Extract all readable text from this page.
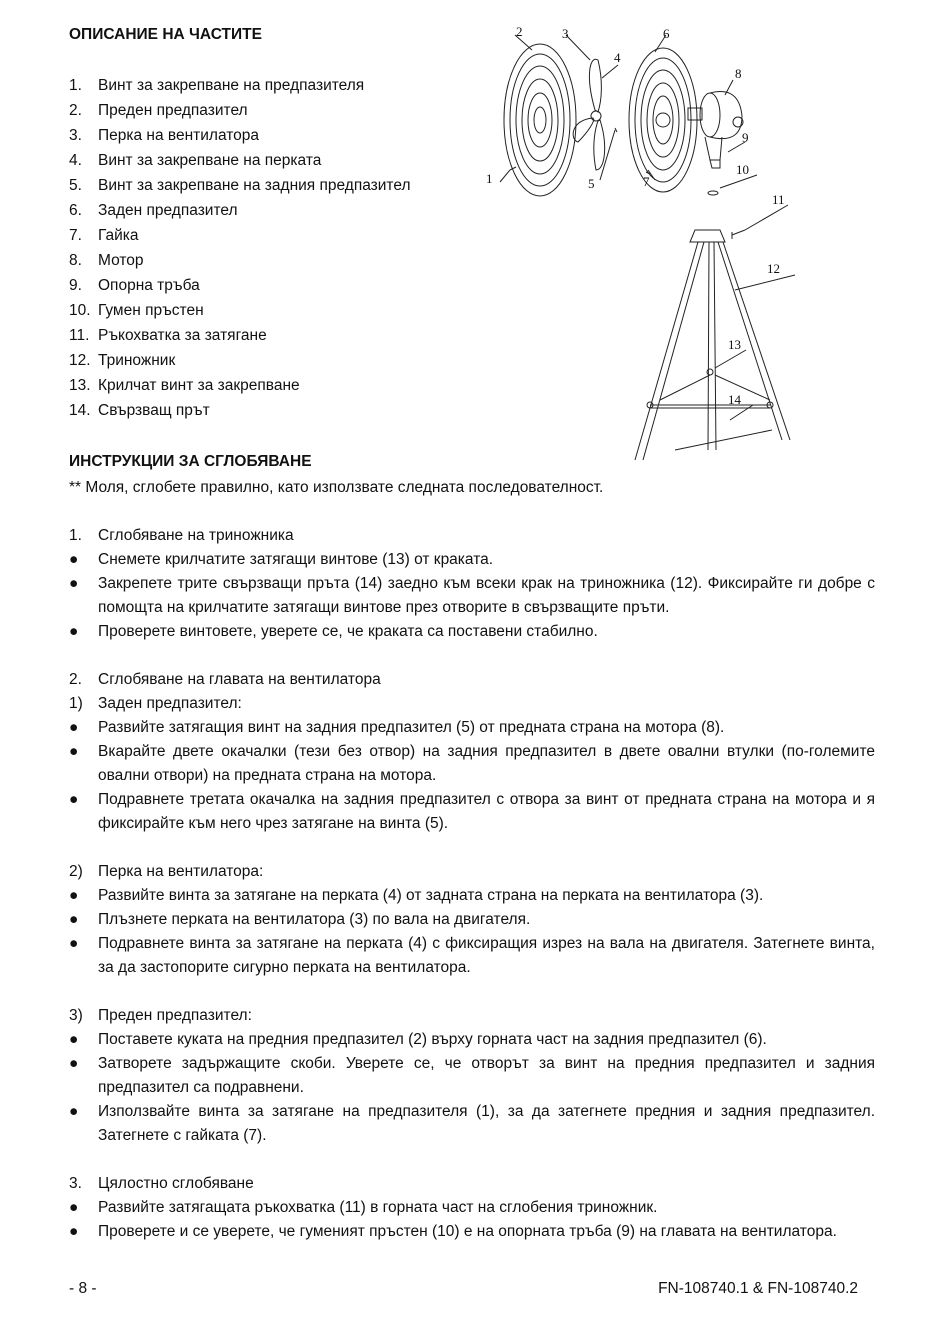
ОПИСАНИЕ НА ЧАСТИТЕ
1. Винт за закрепване на предпазителя
2. Преден предпазител
3. Перка на вентилатора
4. Винт за закрепване на перката
5. Винт за закрепване на задния предпазител
6. Заден предпазител
7. Гайка
8. Мотор
9. Опорна тръба
10. Гумен пръстен
11. Ръкохватка за затягане
12. Триножник
13. Крилчат винт за закрепване
14. Свързващ прът
2	3
4
6
8
9
10
11
12
13
14
1	5	7
ИНСТРУКЦИИ ЗА СГЛОБЯВАНЕ
** Моля, сглобете правилно, като използвате следната последователност.
1.	Сглобяване на триножника
●	Снемете крилчатите затягащи винтове (13) от краката.
●	Закрепете трите свързващи пръта (14) заедно към всеки крак на триножника (12). Фиксирайте ги добре с помощта на крилчатите затягащи винтове през отворите в свързващите пръти.
●	Проверете винтовете, уверете се, че краката са поставени стабилно.
2.	Сглобяване на главата на вентилатора
1) Заден предпазител:
●	Развийте затягащия винт на задния предпазител (5) от предната страна на мотора (8).
●	Вкарайте двете окачалки (тези без отвор) на задния предпазител в двете овални втулки (по-големите овални отвори) на предната страна на мотора.
●	Подравнете третата окачалка на задния предпазител с отвора за винт от предната страна на мотора и я фиксирайте към него чрез затягане на винта (5).
2) Перка на вентилатора:
●	Развийте винта за затягане на перката (4) от задната страна на перката на вентилатора (3).
●	Плъзнете перката на вентилатора (3) по вала на двигателя.
●	Подравнете винта за затягане на перката (4) с фиксиращия изрез на вала на двигателя. Затегнете винта, за да застопорите сигурно перката на вентилатора.
3) Преден предпазител:
●	Поставете куката на предния предпазител (2) върху горната част на задния предпазител (6).
●	Затворете задържащите скоби. Уверете се, че отворът за винт на предния предпазител и задния предпазител са подравнени.
●	Използвайте винта за затягане на предпазителя (1), за да затегнете предния и задния предпазител. Затегнете с гайката (7).
3.	Цялостно сглобяване
●	Развийте затягащата ръкохватка (11) в горната част на сглобения триножник.
●	Проверете и се уверете, че гуменият пръстен (10) е на опорната тръба (9) на главата на вентилатора.
- 8 -	FN-108740.1 & FN-108740.2
